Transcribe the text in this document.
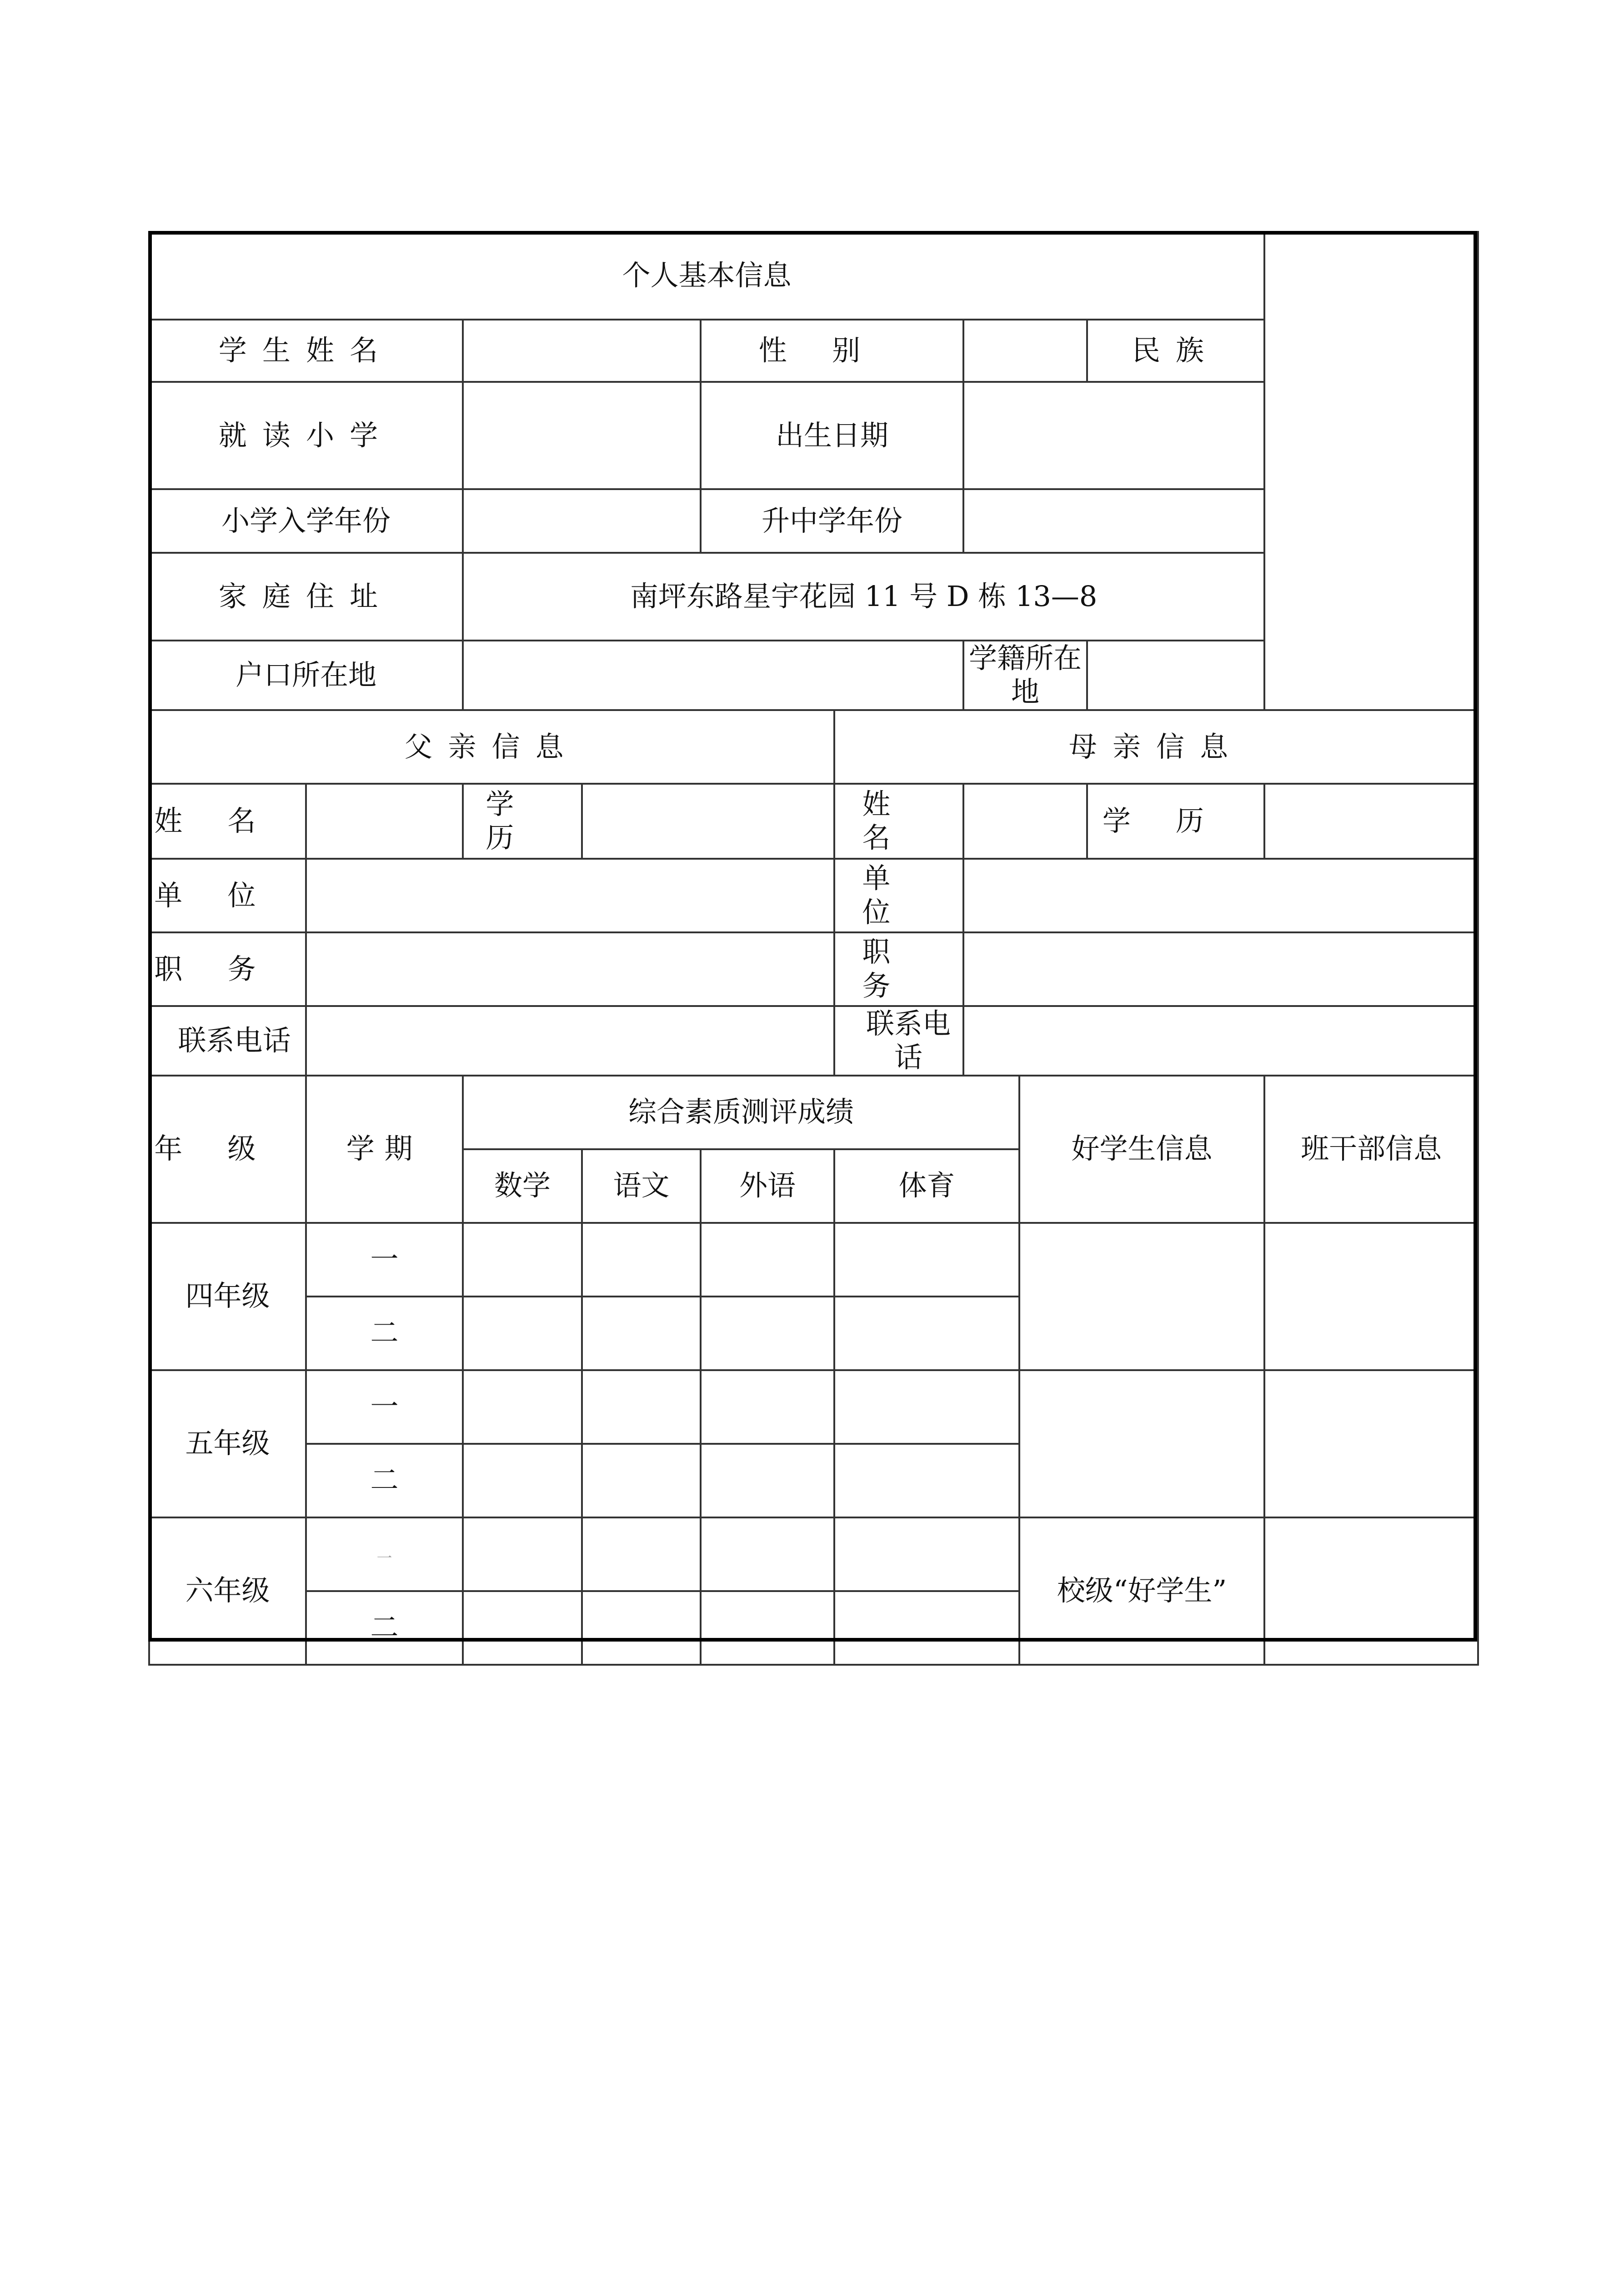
个人基本信息									
学生姓名				性别				民族	
就读小学				出生日期					
小学入学年份				升中学年份					
家庭住址		南坪东路星宇花园 11 号 D 栋 13—8							
户口所在地						学籍所在地			
父亲信息					母亲信息				
姓名		学历			姓名			学历	
单位					单位				
职务					职务				
联系电话					联系电话				
年级	学期	综合素质测评成绩					好学生信息		班干部信息
		数学	语文	外语	体育				
四年级	一								
	二								
五年级	一								
	二								
六年级	一						校级“好学生”		
	二								
